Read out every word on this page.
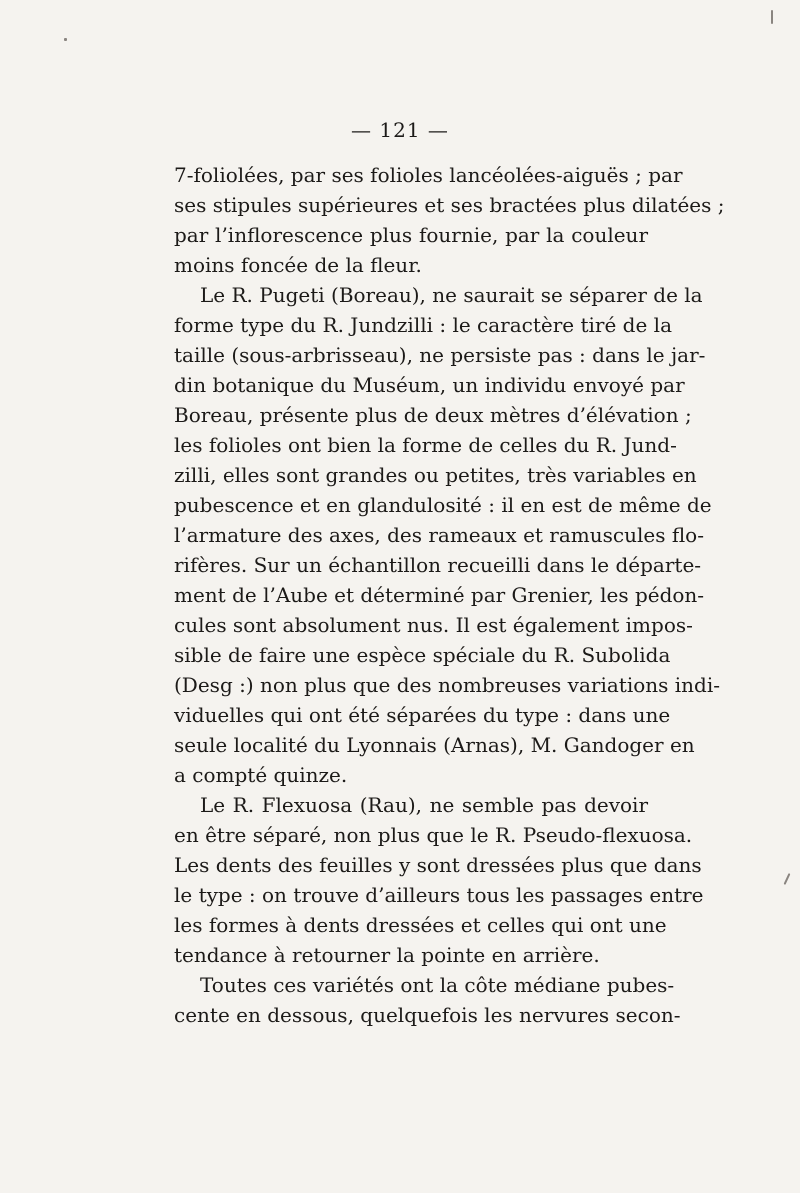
— 121 —
7-foliolées, par ses folioles lancéolées-aiguës ; par
ses stipules supérieures et ses bractées plus dilatées ;
par l’inflorescence plus fournie, par la couleur
moins foncée de la fleur.
Le R. Pugeti (Boreau), ne saurait se séparer de la
forme type du R. Jundzilli : le caractère tiré de la
taille (sous-arbrisseau), ne persiste pas : dans le jar-
din botanique du Muséum, un individu envoyé par
Boreau, présente plus de deux mètres d’élévation ;
les folioles ont bien la forme de celles du R. Jund-
zilli, elles sont grandes ou petites, très variables en
pubescence et en glandulosité : il en est de même de
l’armature des axes, des rameaux et ramuscules flo-
rifères. Sur un échantillon recueilli dans le départe-
ment de l’Aube et déterminé par Grenier, les pédon-
cules sont absolument nus. Il est également impos-
sible de faire une espèce spéciale du R. Subolida
(Desg :) non plus que des nombreuses variations indi-
viduelles qui ont été séparées du type : dans une
seule localité du Lyonnais (Arnas), M. Gandoger en
a compté quinze.
Le R. Flexuosa (Rau), ne semble pas devoir
en être séparé, non plus que le R. Pseudo-flexuosa.
Les dents des feuilles y sont dressées plus que dans
le type : on trouve d’ailleurs tous les passages entre
les formes à dents dressées et celles qui ont une
tendance à retourner la pointe en arrière.
Toutes ces variétés ont la côte médiane pubes-
cente en dessous, quelquefois les nervures secon-
